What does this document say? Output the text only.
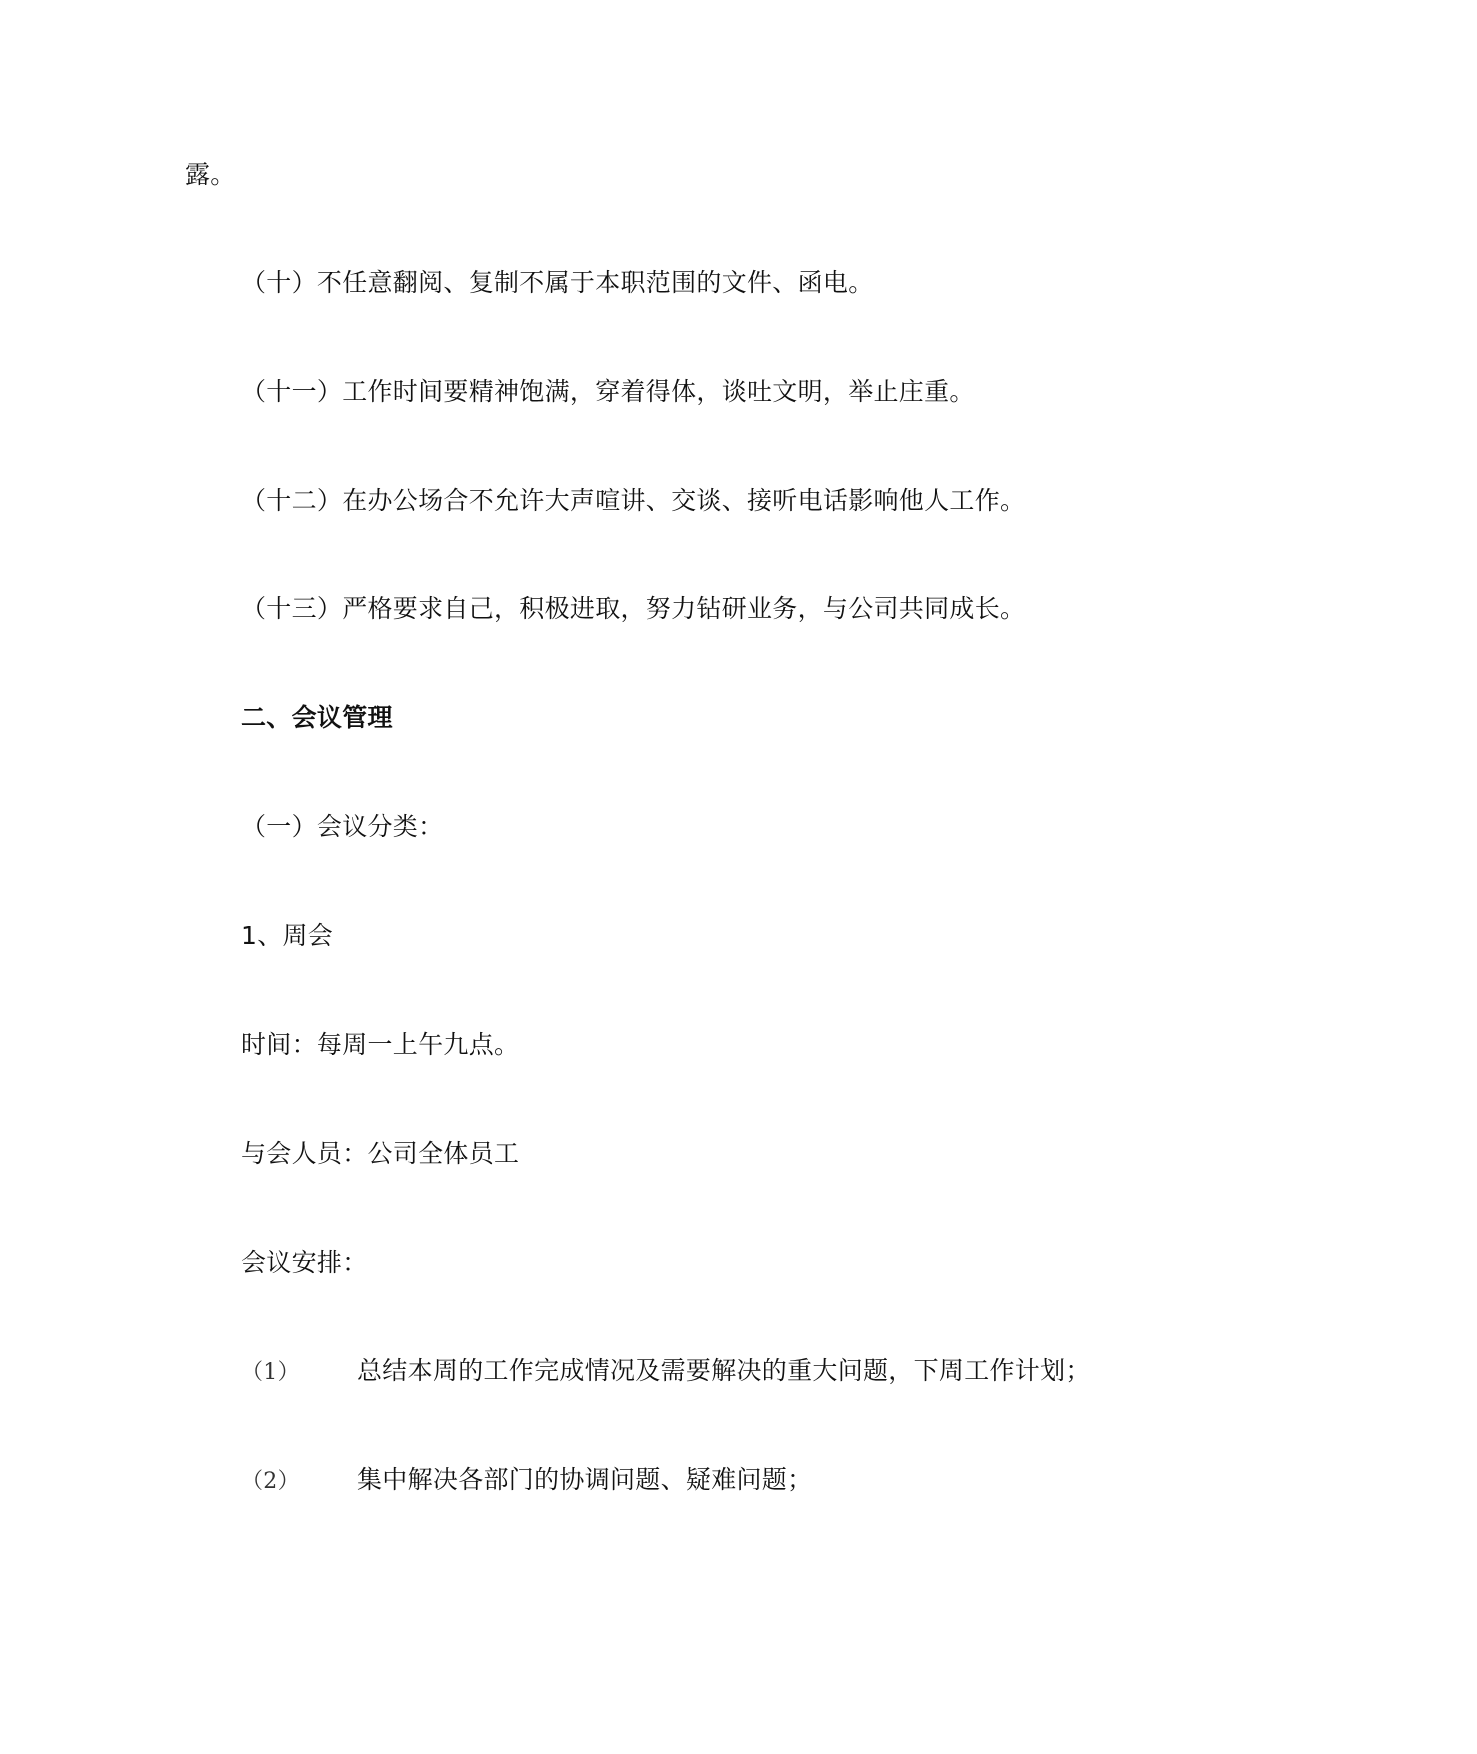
露。
（十）不任意翻阅、复制不属于本职范围的文件、函电。
（十一）工作时间要精神饱满，穿着得体，谈吐文明，举止庄重。
（十二）在办公场合不允许大声喧讲、交谈、接听电话影响他人工作。
（十三）严格要求自己，积极进取，努力钻研业务，与公司共同成长。
二、会议管理
（一）会议分类：
1、周会
时间：每周一上午九点。
与会人员：公司全体员工
会议安排：
（1） 总结本周的工作完成情况及需要解决的重大问题，下周工作计划；
（2） 集中解决各部门的协调问题、疑难问题；
